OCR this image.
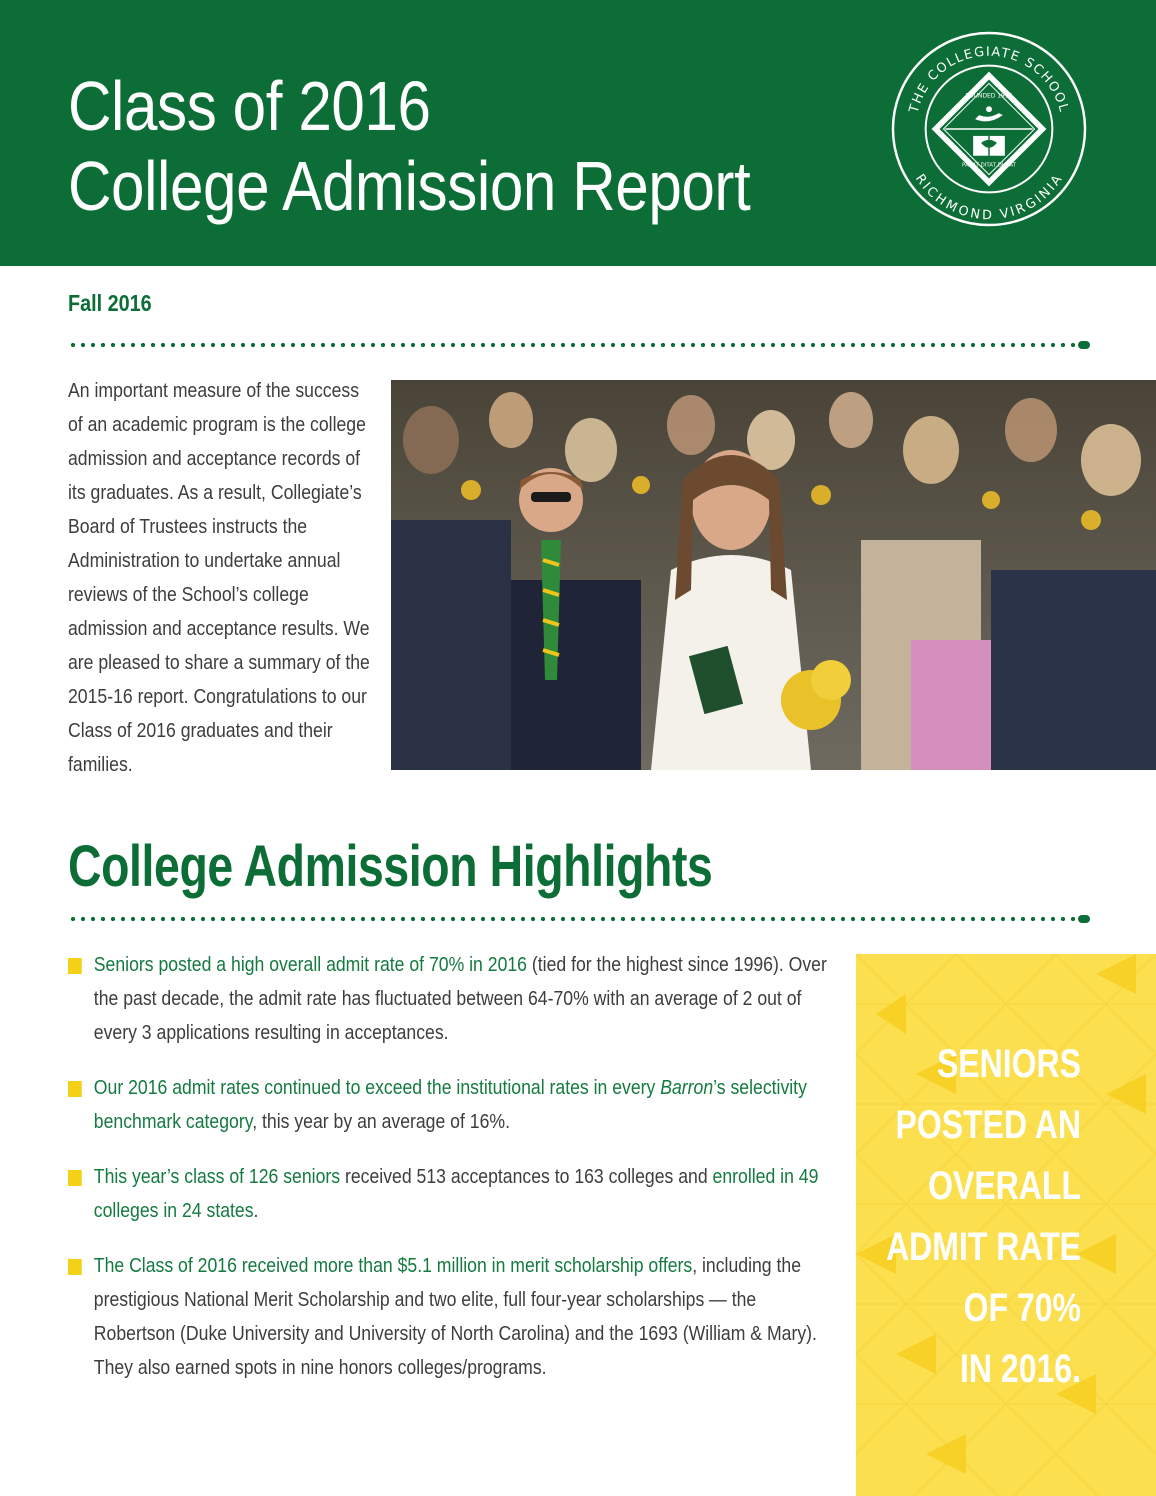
Class of 2016
College Admission Report
THE COLLEGIATE SCHOOL
RICHMOND VIRGINIA
FOUNDED 1915
PARAT DITAT DURAT
Fall 2016

An important measure of the success of an academic program is the college admission and acceptance records of its graduates. As a result, Collegiate’s Board of Trustees instructs the Administration to undertake annual reviews of the School’s college admission and acceptance results. We are pleased to share a summary of the 2015-16 report. Congratulations to our Class of 2016 graduates and their families.

College Admission Highlights
Seniors posted a high overall admit rate of 70% in 2016 (tied for the highest since 1996). Over the past decade, the admit rate has fluctuated between 64-70% with an average of 2 out of every 3 applications resulting in acceptances.
Our 2016 admit rates continued to exceed the institutional rates in every Barron’s selectivity benchmark category, this year by an average of 16%.
This year’s class of 126 seniors received 513 acceptances to 163 colleges and enrolled in 49 colleges in 24 states.
The Class of 2016 received more than $5.1 million in merit scholarship offers, including the prestigious National Merit Scholarship and two elite, full four-year scholarships — the Robertson (Duke University and University of North Carolina) and the 1693 (William & Mary). They also earned spots in nine honors colleges/programs.
SENIORS
POSTED AN
OVERALL
ADMIT RATE
OF 70%
IN 2016.
